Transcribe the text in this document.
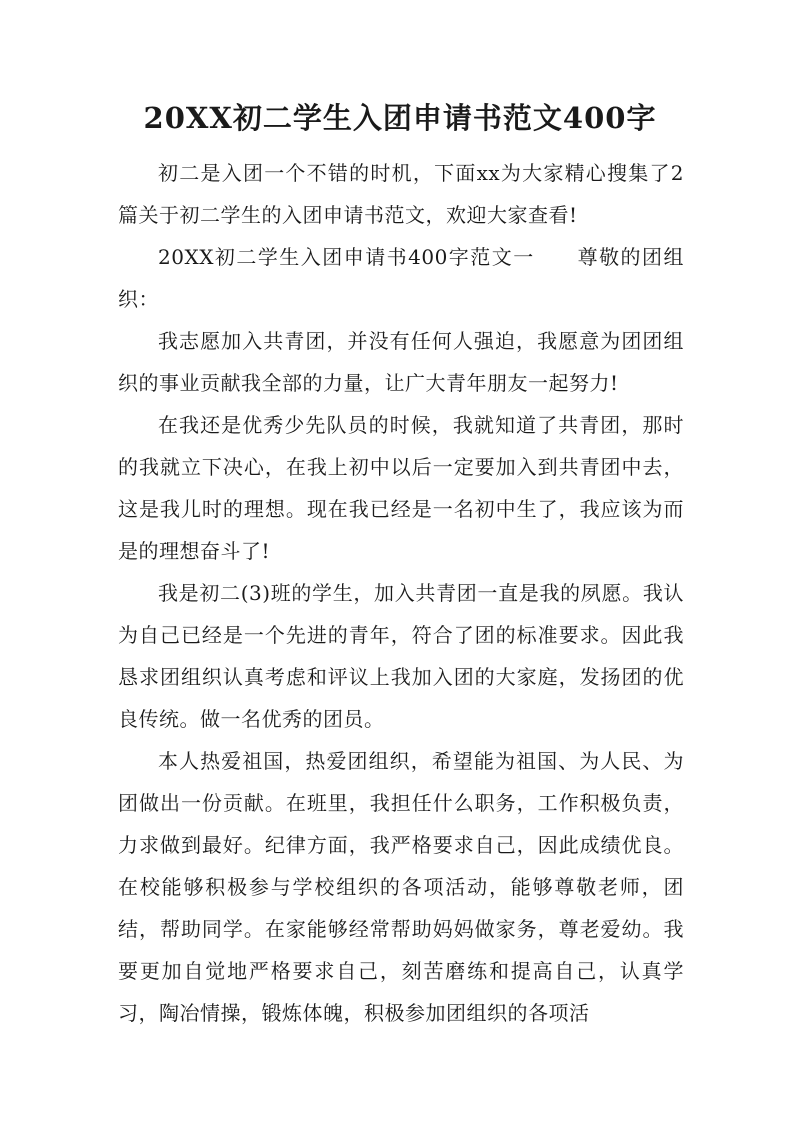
20XX初二学生入团申请书范文400字

初二是入团一个不错的时机，下面xx为大家精心搜集了2篇关于初二学生的入团申请书范文，欢迎大家查看!

20XX初二学生入团申请书400字范文一　　尊敬的团组织：

我志愿加入共青团，并没有任何人强迫，我愿意为团团组织的事业贡献我全部的力量，让广大青年朋友一起努力!

在我还是优秀少先队员的时候，我就知道了共青团，那时的我就立下决心，在我上初中以后一定要加入到共青团中去，这是我儿时的理想。现在我已经是一名初中生了，我应该为而是的理想奋斗了!

我是初二(3)班的学生，加入共青团一直是我的夙愿。我认为自己已经是一个先进的青年，符合了团的标准要求。因此我恳求团组织认真考虑和评议上我加入团的大家庭，发扬团的优良传统。做一名优秀的团员。

本人热爱祖国，热爱团组织，希望能为祖国、为人民、为团做出一份贡献。在班里，我担任什么职务，工作积极负责，力求做到最好。纪律方面，我严格要求自己，因此成绩优良。在校能够积极参与学校组织的各项活动，能够尊敬老师，团结，帮助同学。在家能够经常帮助妈妈做家务，尊老爱幼。我要更加自觉地严格要求自己，刻苦磨练和提高自己，认真学习，陶冶情操，锻炼体魄，积极参加团组织的各项活
